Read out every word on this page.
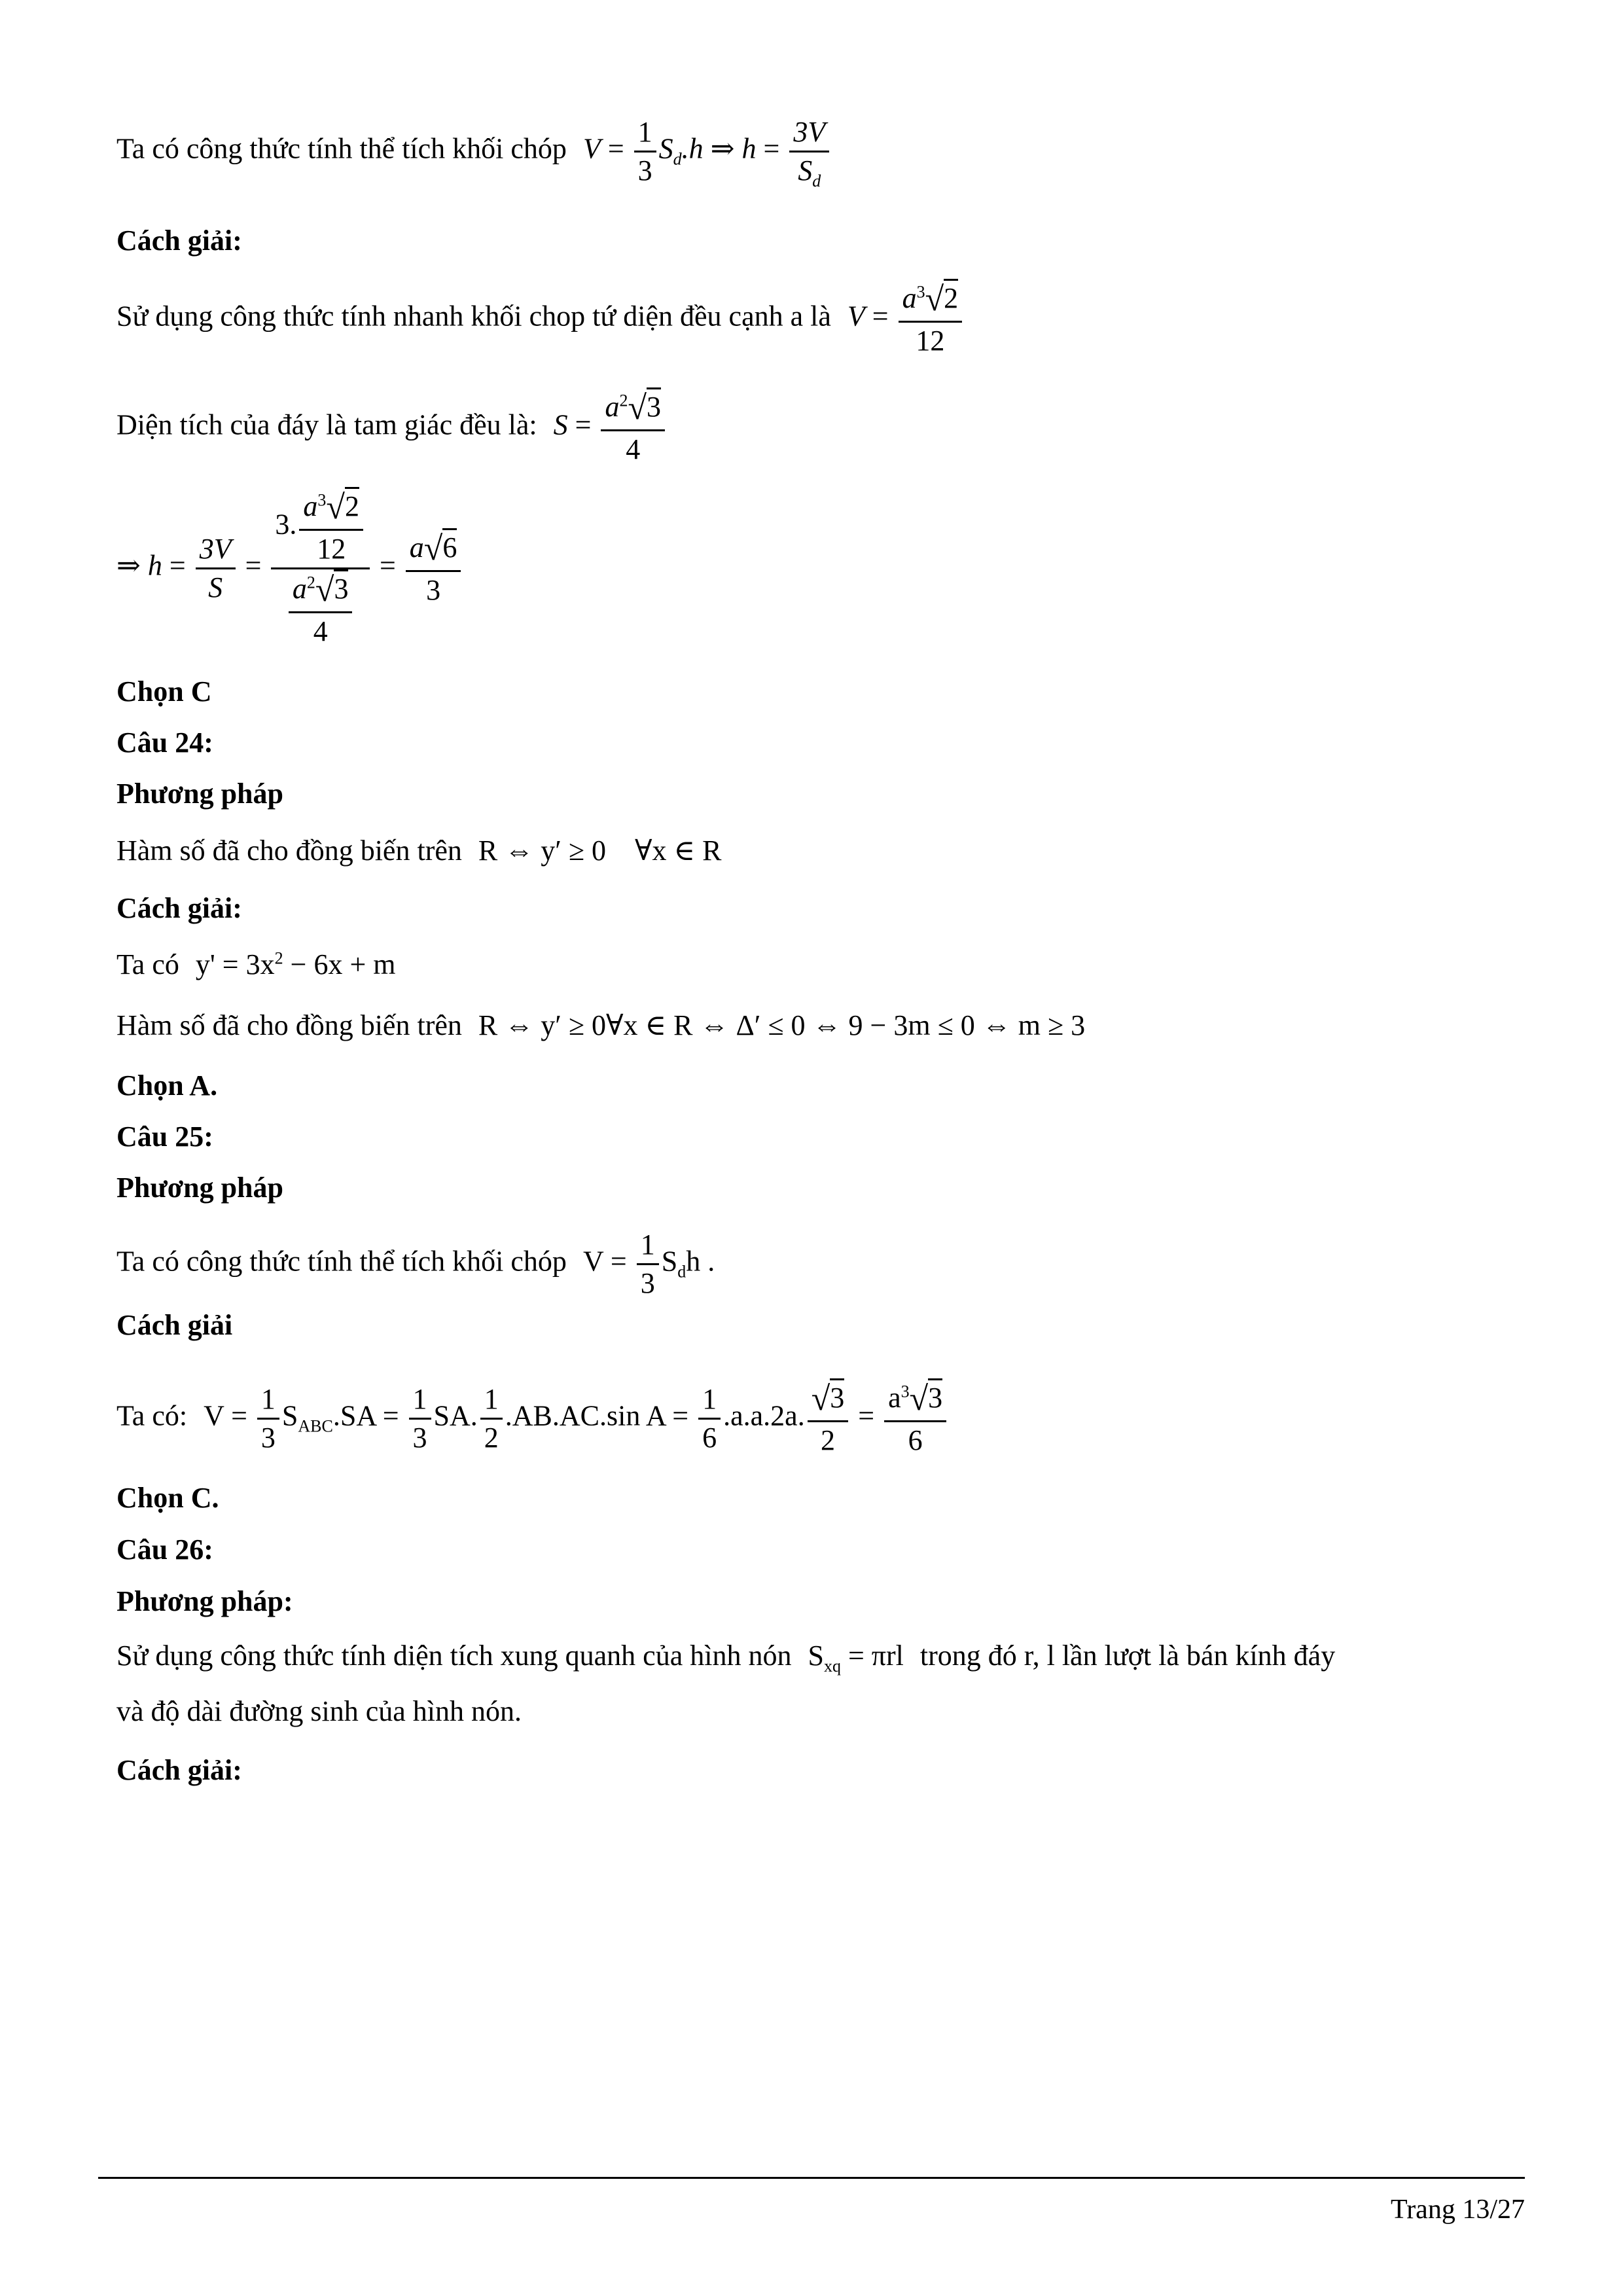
Ta có công thức tính thể tích khối chóp $V = \frac{1}{3} S_d.h$ ⇒ $h = \frac{3V}{S_d}$
Cách giải:
Sử dụng công thức tính nhanh khối chop tứ diện đều cạnh a là $V = \frac{a^3√2}{12}$
Diện tích của đáy là tam giác đều là: $S = \frac{a^2√3}{4}$
⇒ $h = \frac{3V}{S} = \frac{3. \frac{a^3√2}{12}}{\frac{a^2√3}{4}} = \frac{a√6}{3}$
Chọn C
Câu 24:
Phương pháp
Hàm số đã cho đồng biến trên R ⇔ y′ ≥ 0    ∀x ∈ R
Cách giải:
Ta có $y' = 3x^2 - 6x + m$
Hàm số đã cho đồng biến trên R ⇔ y′ ≥ 0∀x ∈ R ⇔ Δ′ ≤ 0 ⇔ 9 − 3m ≤ 0 ⇔ m ≥ 3
Chọn A.
Câu 25:
Phương pháp
Ta có công thức tính thể tích khối chóp $V = \frac{1}{3} S_dh$ .
Cách giải
Ta có: $V = \frac{1}{3} S_{ABC}.SA = \frac{1}{3}$ SA. $\frac{1}{2} .AB.AC.\sin$ $A = \frac{1}{6} .a.a.2a$. $\frac{√3}{2} = \frac{a^3√3}{6}$
Chọn C.
Câu 26:
Phương pháp:
Sử dụng công thức tính diện tích xung quanh của hình nón $S_{xq} = \pi rl$ trong đó r, l lần lượt là bán kính đáy
và độ dài đường sinh của hình nón.
Cách giải:
Trang 13/27
